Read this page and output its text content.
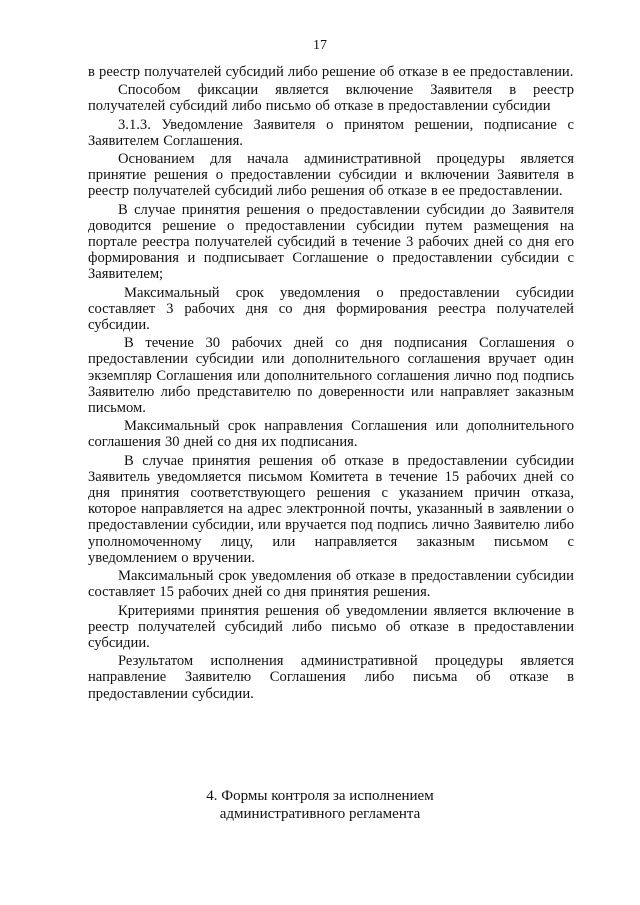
17

в реестр получателей субсидий либо решение об отказе в ее предоставлении.

Способом фиксации является включение Заявителя в реестр получателей субсидий либо письмо об отказе в предоставлении субсидии

3.1.3. Уведомление Заявителя о принятом решении, подписание с Заявителем Соглашения.

Основанием для начала административной процедуры является принятие решения о предоставлении субсидии и включении Заявителя в реестр получателей субсидий либо решения об отказе в ее предоставлении.

В случае принятия решения о предоставлении субсидии до Заявителя доводится решение о предоставлении субсидии путем размещения на портале реестра получателей субсидий в течение 3 рабочих дней со дня его формирования и подписывает Соглашение о предоставлении субсидии с Заявителем;

Максимальный срок уведомления о предоставлении субсидии составляет 3 рабочих дня со дня формирования реестра получателей субсидии.

В течение 30 рабочих дней со дня подписания Соглашения о предоставлении субсидии или дополнительного соглашения вручает один экземпляр Соглашения или дополнительного соглашения лично под подпись Заявителю либо представителю по доверенности или направляет заказным письмом.

Максимальный срок направления Соглашения или дополнительного соглашения 30 дней со дня их подписания.

В случае принятия решения об отказе в предоставлении субсидии Заявитель уведомляется письмом Комитета в течение 15 рабочих дней со дня принятия соответствующего решения с указанием причин отказа, которое направляется на адрес электронной почты, указанный в заявлении о предоставлении субсидии, или вручается под подпись лично Заявителю либо уполномоченному лицу, или направляется заказным письмом с уведомлением о вручении.

Максимальный срок уведомления об отказе в предоставлении субсидии составляет 15 рабочих дней со дня принятия решения.

Критериями принятия решения об уведомлении является включение в реестр получателей субсидий либо письмо об отказе в предоставлении субсидии.

Результатом исполнения административной процедуры является направление Заявителю Соглашения либо письма об отказе в предоставлении субсидии.

4. Формы контроля за исполнением
административного регламента
